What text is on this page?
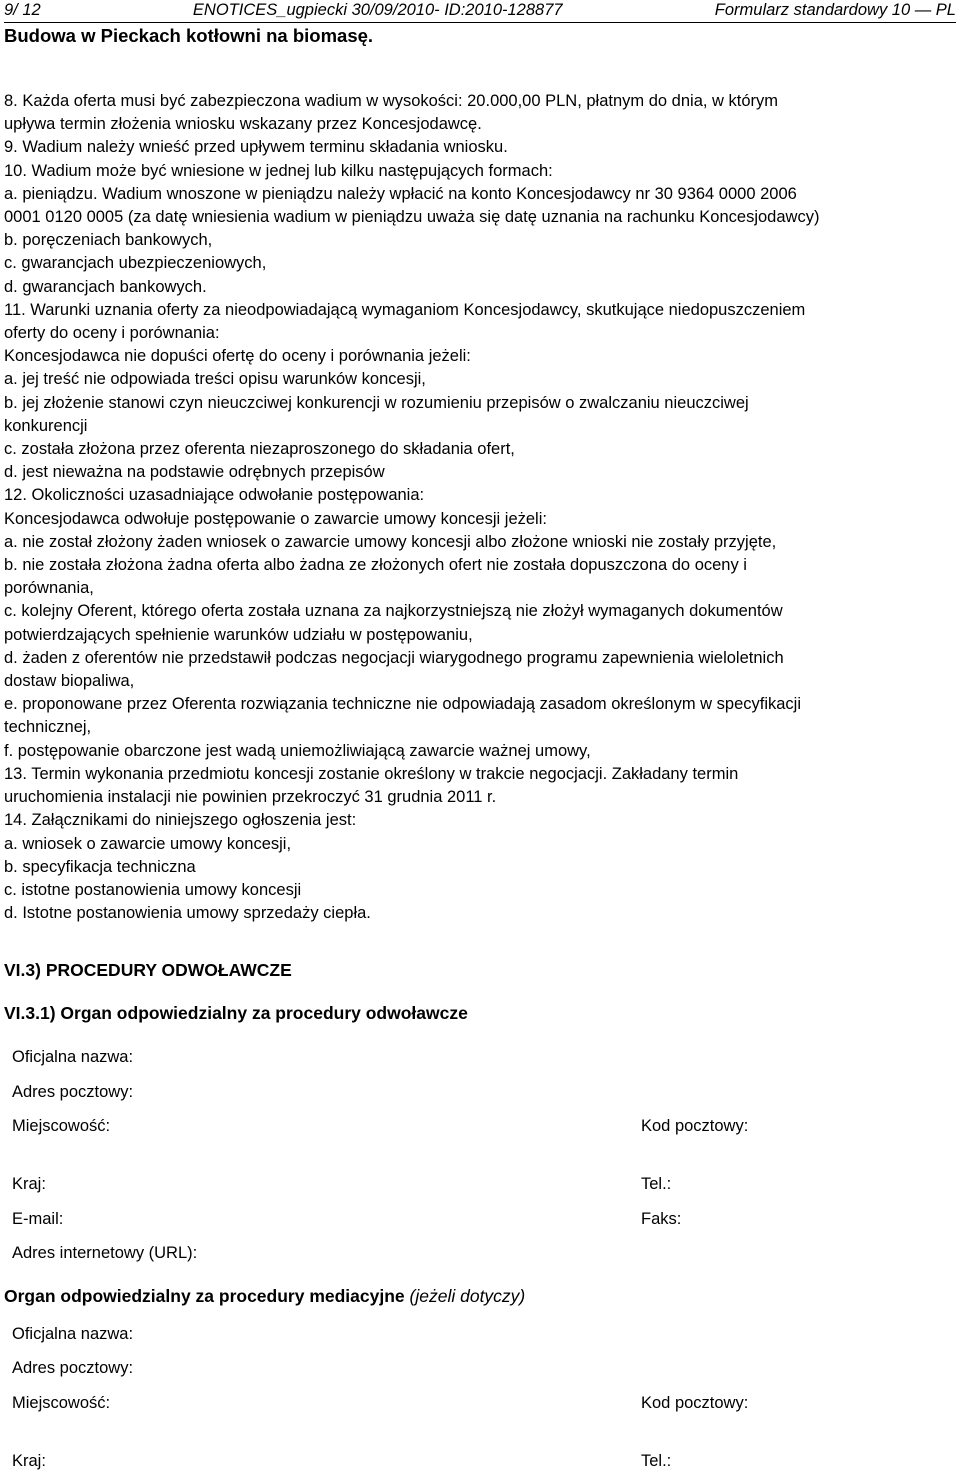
9/ 12	ENOTICES_ugpiecki 30/09/2010- ID:2010-128877	Formularz standardowy 10 — PL
Budowa w Pieckach kotłowni na biomasę.
8. Każda oferta musi być zabezpieczona wadium w wysokości: 20.000,00 PLN, płatnym do dnia, w którym
upływa termin złożenia wniosku wskazany przez Koncesjodawcę.
9. Wadium należy wnieść przed upływem terminu składania wniosku.
10. Wadium może być wniesione w jednej lub kilku następujących formach:
a. pieniądzu. Wadium wnoszone w pieniądzu należy wpłacić na konto Koncesjodawcy nr 30 9364 0000 2006
0001 0120 0005 (za datę wniesienia wadium w pieniądzu uważa się datę uznania na rachunku Koncesjodawcy)
b. poręczeniach bankowych,
c. gwarancjach ubezpieczeniowych,
d. gwarancjach bankowych.
11. Warunki uznania oferty za nieodpowiadającą wymaganiom Koncesjodawcy, skutkujące niedopuszczeniem
oferty do oceny i porównania:
Koncesjodawca nie dopuści ofertę do oceny i porównania jeżeli:
a. jej treść nie odpowiada treści opisu warunków koncesji,
b. jej złożenie stanowi czyn nieuczciwej konkurencji w rozumieniu przepisów o zwalczaniu nieuczciwej
konkurencji
c. została złożona przez oferenta niezaproszonego do składania ofert,
d. jest nieważna na podstawie odrębnych przepisów
12. Okoliczności uzasadniające odwołanie postępowania:
Koncesjodawca odwołuje postępowanie o zawarcie umowy koncesji jeżeli:
a. nie został złożony żaden wniosek o zawarcie umowy koncesji albo złożone wnioski nie zostały przyjęte,
b. nie została złożona żadna oferta albo żadna ze złożonych ofert nie została dopuszczona do oceny i
porównania,
c. kolejny Oferent, którego oferta została uznana za najkorzystniejszą nie złożył wymaganych dokumentów
potwierdzających spełnienie warunków udziału w postępowaniu,
d. żaden z oferentów nie przedstawił podczas negocjacji wiarygodnego programu zapewnienia wieloletnich
dostaw biopaliwa,
e. proponowane przez Oferenta rozwiązania techniczne nie odpowiadają zasadom określonym w specyfikacji
technicznej,
f. postępowanie obarczone jest wadą uniemożliwiającą zawarcie ważnej umowy,
13. Termin wykonania przedmiotu koncesji zostanie określony w trakcie negocjacji. Zakładany termin
uruchomienia instalacji nie powinien przekroczyć 31 grudnia 2011 r.
14. Załącznikami do niniejszego ogłoszenia jest:
a. wniosek o zawarcie umowy koncesji,
b. specyfikacja techniczna
c. istotne postanowienia umowy koncesji
d. Istotne postanowienia umowy sprzedaży ciepła.
VI.3) PROCEDURY ODWOŁAWCZE
VI.3.1) Organ odpowiedzialny za procedury odwoławcze
Oficjalna nazwa:
Adres pocztowy:
Miejscowość:	Kod pocztowy:
Kraj:	Tel.:
E-mail:	Faks:
Adres internetowy (URL):
Organ odpowiedzialny za procedury mediacyjne (jeżeli dotyczy)
Oficjalna nazwa:
Adres pocztowy:
Miejscowość:	Kod pocztowy:
Kraj:	Tel.:
